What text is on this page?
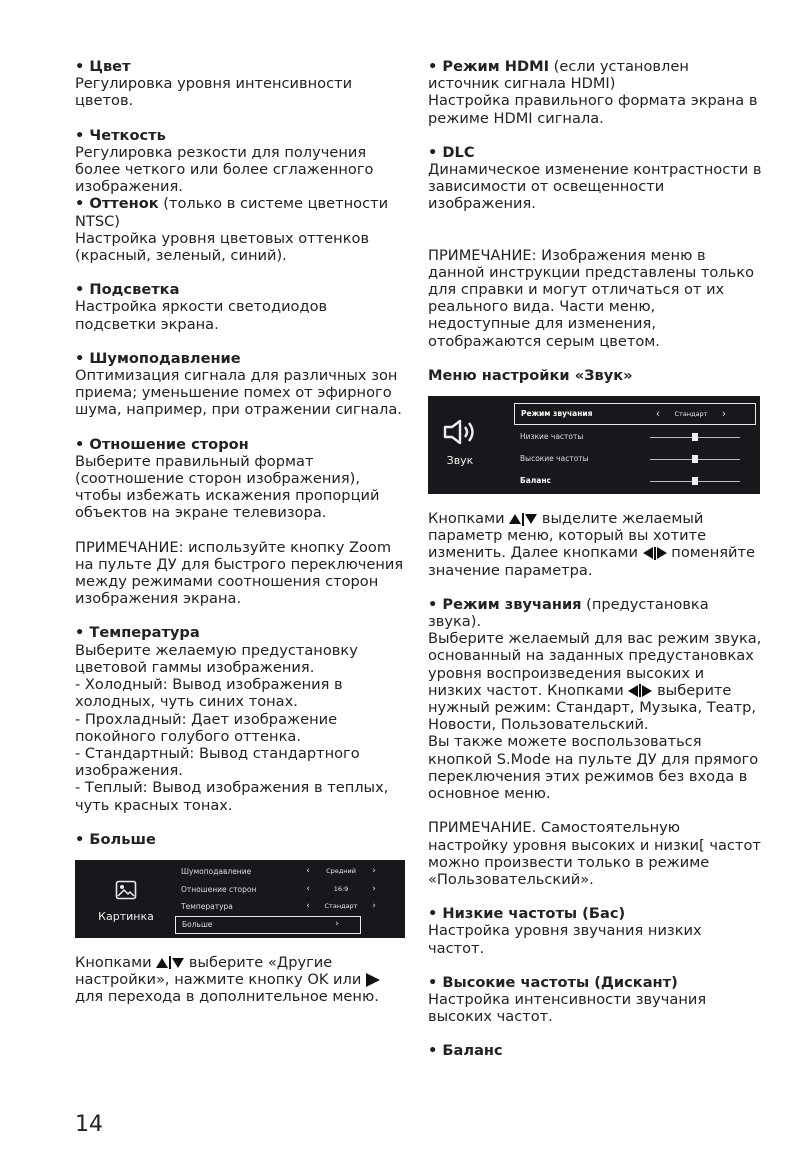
• Цвет

Регулировка уровня интенсивности цветов.

• Четкость

Регулировка резкости для получения более четкого или более сглаженного изображения.

• Оттенок (только в системе цветности NTSC)

Настройка уровня цветовых оттенков (красный, зеленый, синий).

• Подсветка

Настройка яркости светодиодов подсветки экрана.

• Шумоподавление

Оптимизация сигнала для различных зон приема; уменьшение помех от эфирного шума, например, при отражении сигнала.

• Отношение сторон

Выберите правильный формат (соотношение сторон изображения), чтобы избежать искажения пропорций объектов на экране телевизора.

ПРИМЕЧАНИЕ: используйте кнопку Zoom на пульте ДУ для быстрого переключения между режимами соотношения сторон изображения экрана.

• Температура

Выберите желаемую предустановку цветовой гаммы изображения.

- Холодный: Вывод изображения в холодных, чуть синих тонах.

- Прохладный: Дает изображение покойного голубого оттенка.

- Стандартный: Вывод стандартного изображения.

- Теплый: Вывод изображения в теплых, чуть красных тонах.

• Больше

Картинка
Шумоподавление	‹	Средний	›
Отношение сторон	‹	16:9	›
Температура	‹	Стандарт	›
Больше	›

Кнопками	выберите «Другие настройки», нажмите кнопку OK или  для перехода в дополнительное меню.

• Режим HDMI (если установлен источник сигнала HDMI)

Настройка правильного формата экрана в режиме HDMI сигнала.

• DLC

Динамическое изменение контрастности в зависимости от освещенности изображения.

ПРИМЕЧАНИЕ: Изображения меню в данной инструкции представлены только для справки и могут отличаться от их реального вида. Части меню, недоступные для изменения, отображаются серым цветом.

Меню настройки «Звук»

Звук
Режим звучания	‹	Стандарт	›
Низкие частоты
Высокие частоты
Баланс

Кнопками	выделите желаемый параметр меню, который вы хотите изменить. Далее кнопками поменяйте значение параметра.

• Режим звучания (предустановка звука).

Выберите желаемый для вас режим звука, основанный на заданных предустановках уровня воспроизведения высоких и низких частот. Кнопками выберите нужный режим: Стандарт, Музыка, Театр, Новости, Пользовательский.

Вы также можете воспользоваться кнопкой S.Mode на пульте ДУ для прямого переключения этих режимов без входа в основное меню.

ПРИМЕЧАНИЕ. Самостоятельную настройку уровня высоких и низки[ частот можно произвести только в режиме «Пользовательский».

• Низкие частоты (Бас)

Настройка уровня звучания низких частот.

• Высокие частоты (Дискант)

Настройка интенсивности звучания высоких частот.

• Баланс

14
